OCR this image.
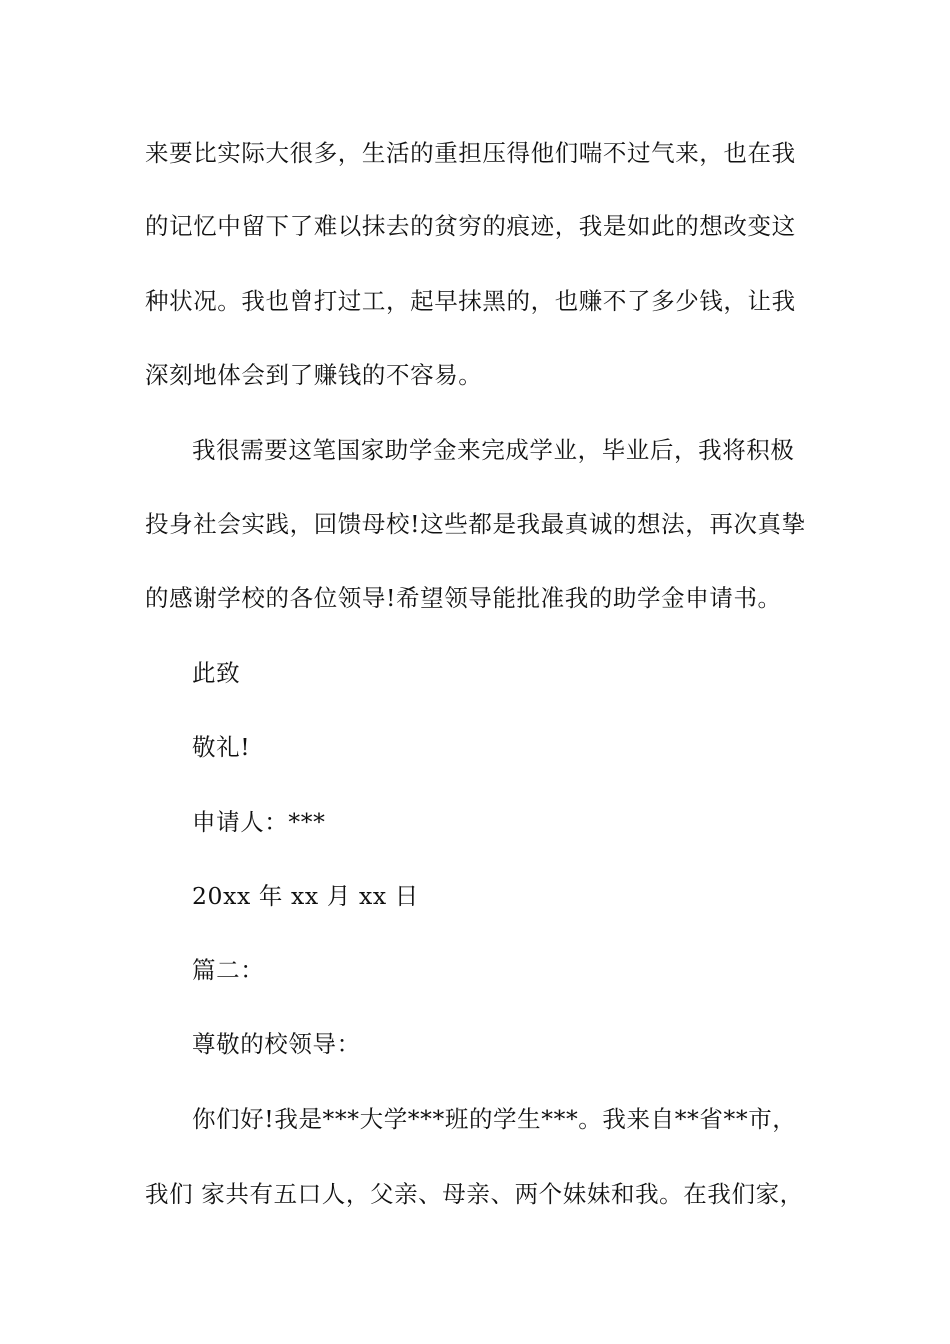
来要比实际大很多，生活的重担压得他们喘不过气来，也在我
的记忆中留下了难以抹去的贫穷的痕迹，我是如此的想改变这
种状况。我也曾打过工，起早抹黑的，也赚不了多少钱，让我
深刻地体会到了赚钱的不容易。
我很需要这笔国家助学金来完成学业，毕业后，我将积极
投身社会实践，回馈母校!这些都是我最真诚的想法，再次真挚
的感谢学校的各位领导!希望领导能批准我的助学金申请书。
此致
敬礼!
申请人：***
20xx 年 xx 月 xx 日
篇二：
尊敬的校领导：
你们好!我是***大学***班的学生***。我来自**省**市，
我们 家共有五口人，父亲、母亲、两个妹妹和我。在我们家，
